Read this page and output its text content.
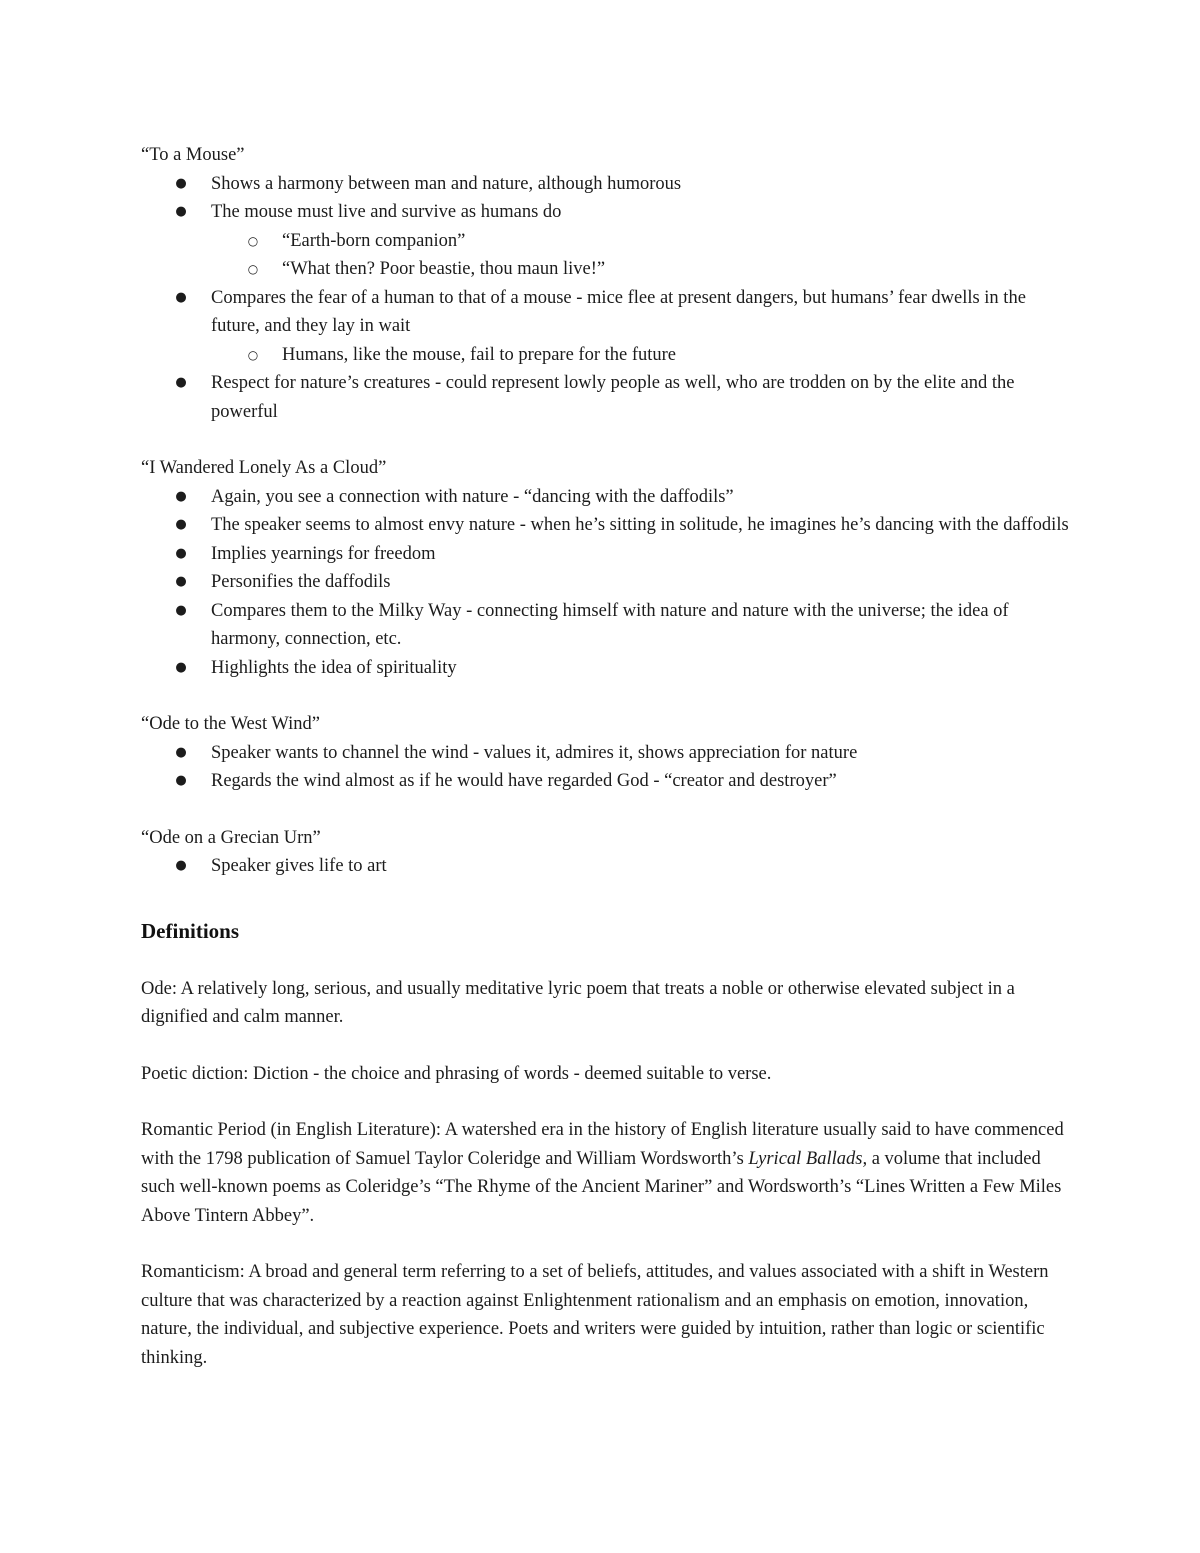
“To a Mouse”

● Shows a harmony between man and nature, although humorous
● The mouse must live and survive as humans do
○ “Earth-born companion”
○ “What then? Poor beastie, thou maun live!”
● Compares the fear of a human to that of a mouse - mice flee at present dangers, but humans’ fear dwells in the future, and they lay in wait
○ Humans, like the mouse, fail to prepare for the future
● Respect for nature’s creatures - could represent lowly people as well, who are trodden on by the elite and the powerful

“I Wandered Lonely As a Cloud”

● Again, you see a connection with nature - “dancing with the daffodils”
● The speaker seems to almost envy nature - when he’s sitting in solitude, he imagines he’s dancing with the daffodils
● Implies yearnings for freedom
● Personifies the daffodils
● Compares them to the Milky Way - connecting himself with nature and nature with the universe; the idea of harmony, connection, etc.
● Highlights the idea of spirituality

“Ode to the West Wind”

● Speaker wants to channel the wind - values it, admires it, shows appreciation for nature
● Regards the wind almost as if he would have regarded God - “creator and destroyer”

“Ode on a Grecian Urn”

● Speaker gives life to art
Definitions

Ode: A relatively long, serious, and usually meditative lyric poem that treats a noble or otherwise elevated subject in a dignified and calm manner.

Poetic diction: Diction - the choice and phrasing of words - deemed suitable to verse.

Romantic Period (in English Literature): A watershed era in the history of English literature usually said to have commenced with the 1798 publication of Samuel Taylor Coleridge and William Wordsworth’s Lyrical Ballads, a volume that included such well-known poems as Coleridge’s “The Rhyme of the Ancient Mariner” and Wordsworth’s “Lines Written a Few Miles Above Tintern Abbey”.

Romanticism: A broad and general term referring to a set of beliefs, attitudes, and values associated with a shift in Western culture that was characterized by a reaction against Enlightenment rationalism and an emphasis on emotion, innovation, nature, the individual, and subjective experience. Poets and writers were guided by intuition, rather than logic or scientific thinking.
